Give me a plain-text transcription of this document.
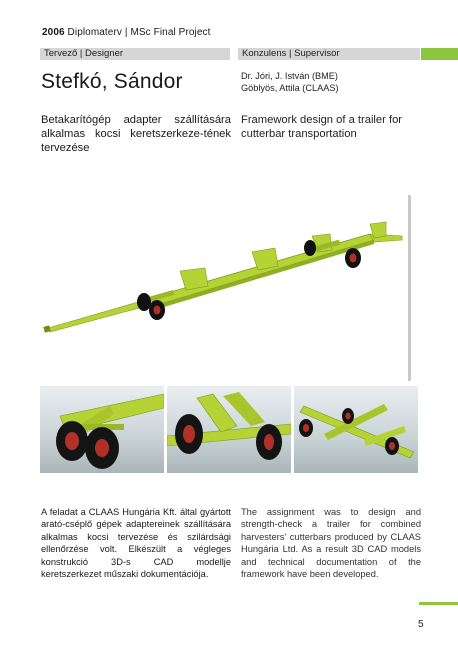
2006 Diplomaterv | MSc Final Project
Tervező | Designer	Konzulens | Supervisor
Stefkó, Sándor	Dr. Jóri, J. István (BME)
Göblyös, Attila (CLAAS)
Betakarítógép adapter szállítására alkalmas kocsi keretszerkeze-tének tervezése
Framework design of a trailer for cutterbar transportation
A feladat a CLAAS Hungária Kft. által gyártott arató-cséplő gépek adaptereinek szállítására alkalmas kocsi tervezése és szilárdsági ellenőrzése volt. Elkészült a végleges konstrukció 3D-s CAD modellje keretszerkezet műszaki dokumentációja.
The assignment was to design and strength-check a trailer for combined harvesters' cutterbars produced by CLAAS Hungária Ltd. As a result 3D CAD models and technical documentation of the framework have been developed.
5
